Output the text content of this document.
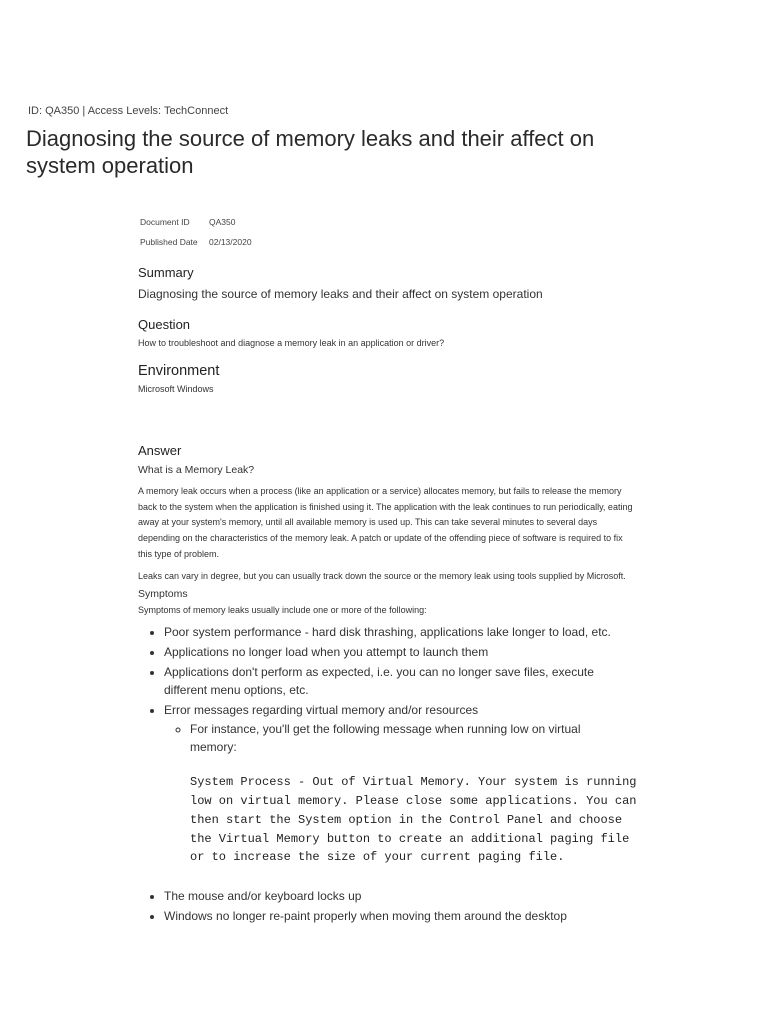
ID: QA350 | Access Levels: TechConnect
Diagnosing the source of memory leaks and their affect on system operation
Document ID	QA350
Published Date	02/13/2020
Summary
Diagnosing the source of memory leaks and their affect on system operation
Question
How to troubleshoot and diagnose a memory leak in an application or driver?
Environment
Microsoft Windows
Answer
What is a Memory Leak?

A memory leak occurs when a process (like an application or a service) allocates memory, but fails to release the memory back to the system when the application is finished using it. The application with the leak continues to run periodically, eating away at your system's memory, until all available memory is used up. This can take several minutes to several days depending on the characteristics of the memory leak. A patch or update of the offending piece of software is required to fix this type of problem.

Leaks can vary in degree, but you can usually track down the source or the memory leak using tools supplied by Microsoft.

Symptoms
Symptoms of memory leaks usually include one or more of the following:
• Poor system performance - hard disk thrashing, applications lake longer to load, etc.
• Applications no longer load when you attempt to launch them
• Applications don't perform as expected, i.e. you can no longer save files, execute different menu options, etc.
• Error messages regarding virtual memory and/or resources
◦ For instance, you'll get the following message when running low on virtual memory:
System Process - Out of Virtual Memory. Your system is running low on virtual memory. Please close some applications. You can then start the System option in the Control Panel and choose the Virtual Memory button to create an additional paging file or to increase the size of your current paging file.
• The mouse and/or keyboard locks up
• Windows no longer re-paint properly when moving them around the desktop
